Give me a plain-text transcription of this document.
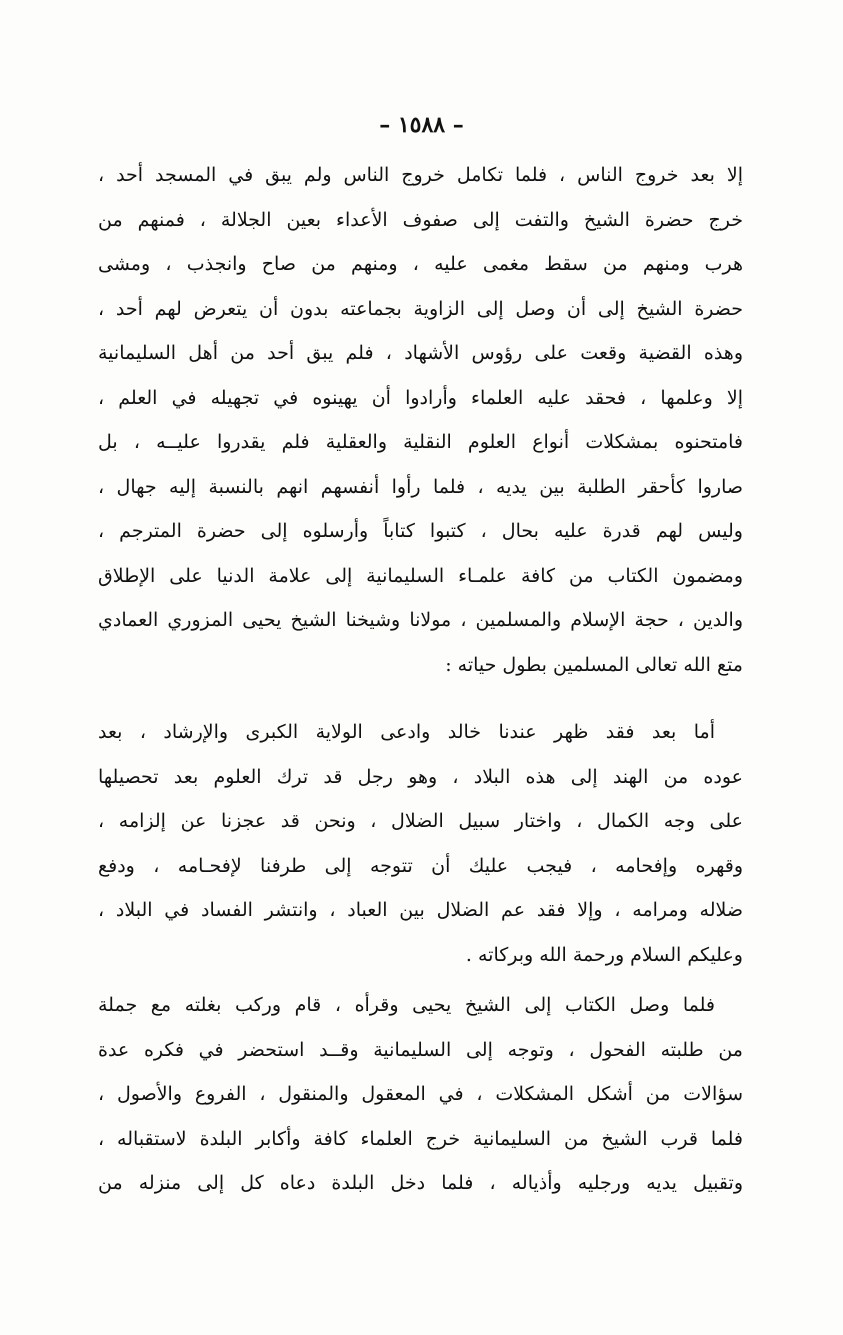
– ١٥٨٨ –
إلا بعد خروج الناس ، فلما تكامل خروج الناس ولم يبق في المسجد أحد ،
خرج حضرة الشيخ والتفت إلى صفوف الأعداء بعين الجلالة ، فمنهم من
هرب ومنهم من سقط مغمى عليه ، ومنهم من صاح وانجذب ، ومشى
حضرة الشيخ إلى أن وصل إلى الزاوية بجماعته بدون أن يتعرض لهم أحد ،
وهذه القضية وقعت على رؤوس الأشهاد ، فلم يبق أحد من أهل السليمانية
إلا وعلمها ، فحقد عليه العلماء وأرادوا أن يهينوه في تجهيله في العلم ،
فامتحنوه بمشكلات أنواع العلوم النقلية والعقلية فلم يقدروا عليــه ، بل
صاروا كأحقر الطلبة بين يديه ، فلما رأوا أنفسهم انهم بالنسبة إليه جهال ،
وليس لهم قدرة عليه بحال ، كتبوا كتاباً وأرسلوه إلى حضرة المترجم ،
ومضمون الكتاب من كافة علمـاء السليمانية إلى علامة الدنيا على الإطلاق
والدين ، حجة الإسلام والمسلمين ، مولانا وشيخنا الشيخ يحيى المزوري العمادي
متع الله تعالى المسلمين بطول حياته :
أما بعد فقد ظهر عندنا خالد وادعى الولاية الكبرى والإرشاد ، بعد
عوده من الهند إلى هذه البلاد ، وهو رجل قد ترك العلوم بعد تحصيلها
على وجه الكمال ، واختار سبيل الضلال ، ونحن قد عجزنا عن إلزامه ،
وقهره وإفحامه ، فيجب عليك أن تتوجه إلى طرفنا لإفحـامه ، ودفع
ضلاله ومرامه ، وإلا فقد عم الضلال بين العباد ، وانتشر الفساد في البلاد ،
وعليكم السلام ورحمة الله وبركاته .
فلما وصل الكتاب إلى الشيخ يحيى وقرأه ، قام وركب بغلته مع جملة
من طلبته الفحول ، وتوجه إلى السليمانية وقــد استحضر في فكره عدة
سؤالات من أشكل المشكلات ، في المعقول والمنقول ، الفروع والأصول ،
فلما قرب الشيخ من السليمانية خرج العلماء كافة وأكابر البلدة لاستقباله ،
وتقبيل يديه ورجليه وأذياله ، فلما دخل البلدة دعاه كل إلى منزله من
